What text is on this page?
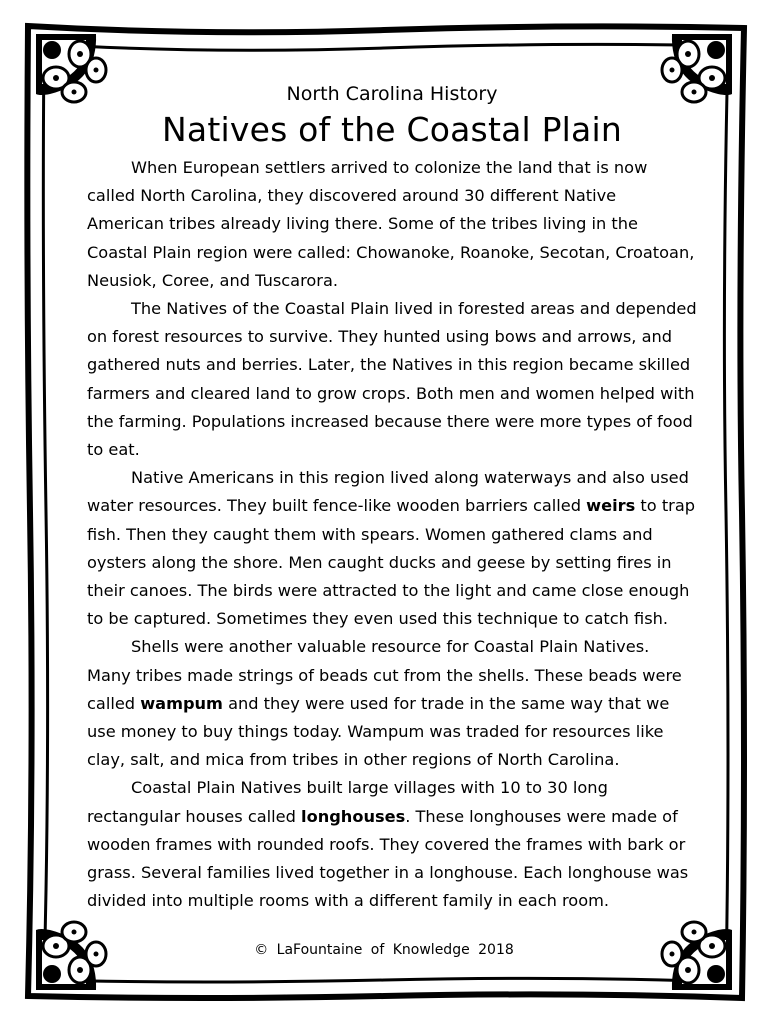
North Carolina History

Natives of the Coastal Plain

When European settlers arrived to colonize the land that is now called North Carolina, they discovered around 30 different Native American tribes already living there. Some of the tribes living in the Coastal Plain region were called: Chowanoke, Roanoke, Secotan, Croatoan, Neusiok, Coree, and Tuscarora.

The Natives of the Coastal Plain lived in forested areas and depended on forest resources to survive. They hunted using bows and arrows, and gathered nuts and berries. Later, the Natives in this region became skilled farmers and cleared land to grow crops. Both men and women helped with the farming. Populations increased because there were more types of food to eat.

Native Americans in this region lived along waterways and also used water resources. They built fence-like wooden barriers called weirs to trap fish. Then they caught them with spears. Women gathered clams and oysters along the shore. Men caught ducks and geese by setting fires in their canoes. The birds were attracted to the light and came close enough to be captured. Sometimes they even used this technique to catch fish.

Shells were another valuable resource for Coastal Plain Natives. Many tribes made strings of beads cut from the shells. These beads were called wampum and they were used for trade in the same way that we use money to buy things today. Wampum was traded for resources like clay, salt, and mica from tribes in other regions of North Carolina.

Coastal Plain Natives built large villages with 10 to 30 long rectangular houses called longhouses. These longhouses were made of wooden frames with rounded roofs. They covered the frames with bark or grass. Several families lived together in a longhouse. Each longhouse was divided into multiple rooms with a different family in each room.

© LaFountaine of Knowledge 2018
